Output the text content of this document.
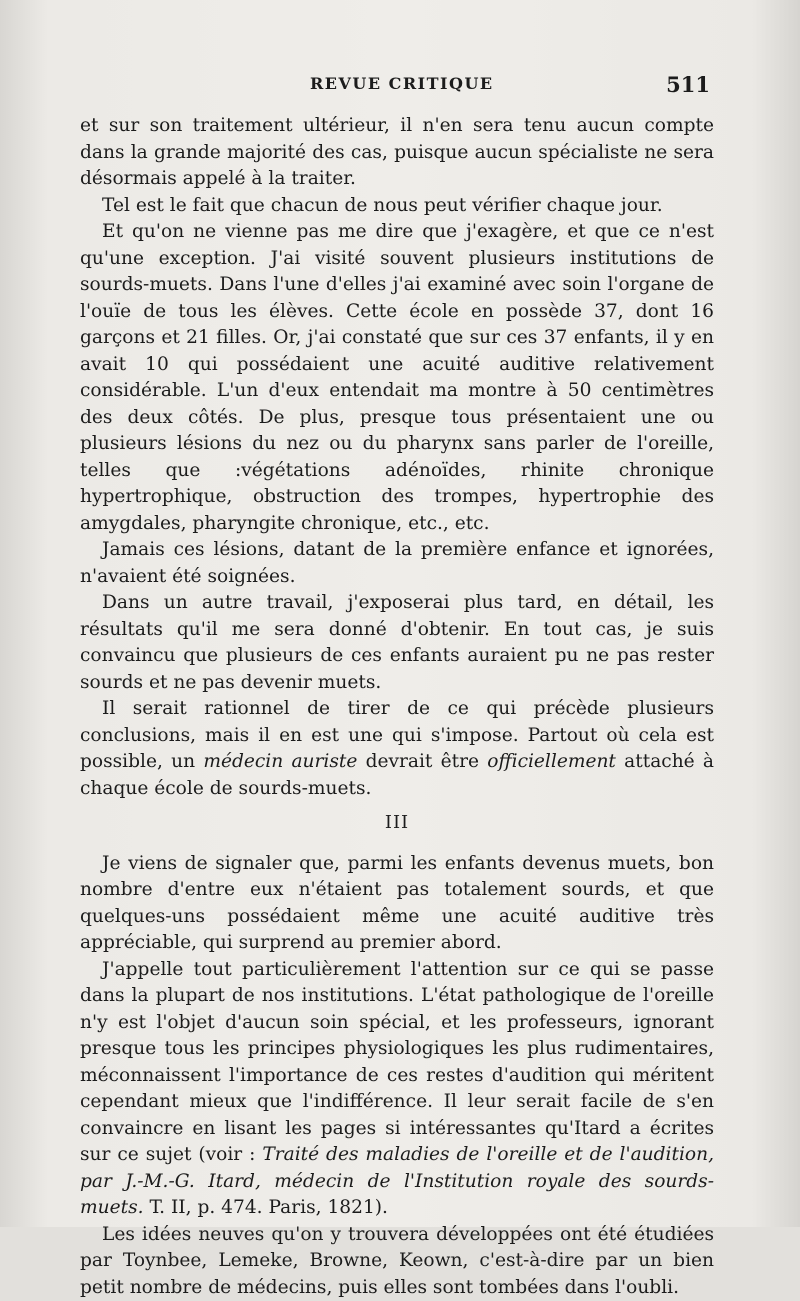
REVUE CRITIQUE	511

et sur son traitement ultérieur, il n'en sera tenu aucun compte dans la grande majorité des cas, puisque aucun spécialiste ne sera désormais appelé à la traiter.

Tel est le fait que chacun de nous peut vérifier chaque jour.

Et qu'on ne vienne pas me dire que j'exagère, et que ce n'est qu'une exception. J'ai visité souvent plusieurs institutions de sourds-muets. Dans l'une d'elles j'ai examiné avec soin l'organe de l'ouïe de tous les élèves. Cette école en possède 37, dont 16 garçons et 21 filles. Or, j'ai constaté que sur ces 37 enfants, il y en avait 10 qui possédaient une acuité auditive relativement considérable. L'un d'eux entendait ma montre à 50 centimètres des deux côtés. De plus, presque tous présentaient une ou plusieurs lésions du nez ou du pharynx sans parler de l'oreille, telles que :végétations adénoïdes, rhinite chronique hypertrophique, obstruction des trompes, hypertrophie des amygdales, pharyngite chronique, etc., etc.

Jamais ces lésions, datant de la première enfance et ignorées, n'avaient été soignées.

Dans un autre travail, j'exposerai plus tard, en détail, les résultats qu'il me sera donné d'obtenir. En tout cas, je suis convaincu que plusieurs de ces enfants auraient pu ne pas rester sourds et ne pas devenir muets.

Il serait rationnel de tirer de ce qui précède plusieurs conclusions, mais il en est une qui s'impose. Partout où cela est possible, un médecin auriste devrait être officiellement attaché à chaque école de sourds-muets.

III

Je viens de signaler que, parmi les enfants devenus muets, bon nombre d'entre eux n'étaient pas totalement sourds, et que quelques-uns possédaient même une acuité auditive très appréciable, qui surprend au premier abord.

J'appelle tout particulièrement l'attention sur ce qui se passe dans la plupart de nos institutions. L'état pathologique de l'oreille n'y est l'objet d'aucun soin spécial, et les professeurs, ignorant presque tous les principes physiologiques les plus rudimentaires, méconnaissent l'importance de ces restes d'audition qui méritent cependant mieux que l'indifférence. Il leur serait facile de s'en convaincre en lisant les pages si intéressantes qu'Itard a écrites sur ce sujet (voir : Traité des maladies de l'oreille et de l'audition, par J.-M.-G. Itard, médecin de l'Institution royale des sourds-muets. T. II, p. 474. Paris, 1821).

Les idées neuves qu'on y trouvera développées ont été étudiées par Toynbee, Lemeke, Browne, Keown, c'est-à-dire par un bien petit nombre de médecins, puis elles sont tombées dans l'oubli.
